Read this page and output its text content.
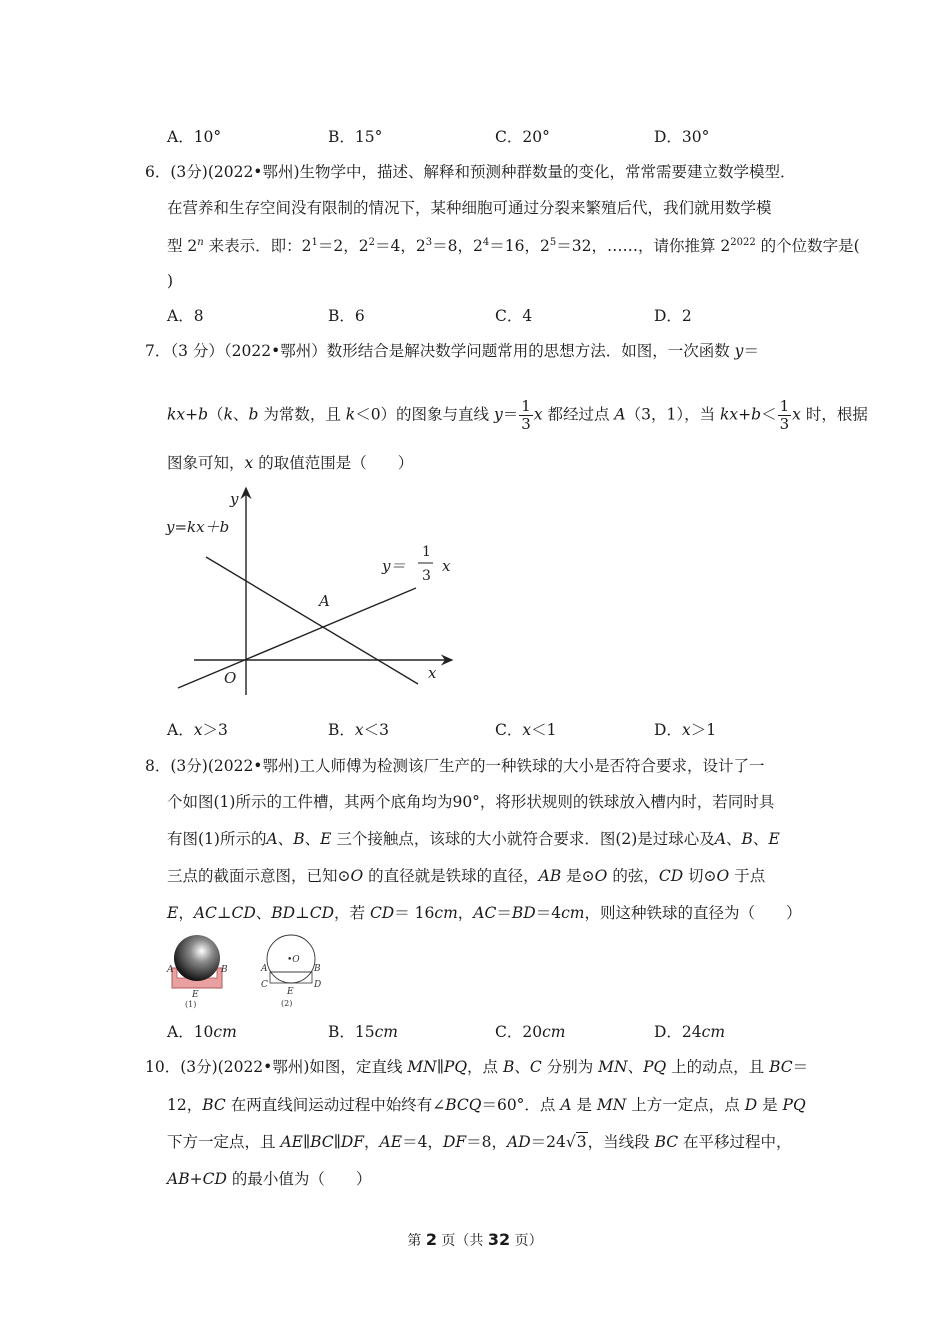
A．10°	B．15°	C．20°	D．30°
6．(3分)(2022•鄂州)生物学中，描述、解释和预测种群数量的变化，常常需要建立数学模型．
在营养和生存空间没有限制的情况下，某种细胞可通过分裂来繁殖后代，我们就用数学模
型 2$^n$ 来表示．即：$2^1=2$，$2^2=4$，$2^3=8$，$2^4=16$，$2^5=32$，……，请你推算 $2^{2022}$ 的个位数字是(
)
A．8	B．6	C．4	D．2
7．（3 分）（2022•鄂州）数形结合是解决数学问题常用的思想方法．如图，一次函数 y＝
kx+b（k、b 为常数，且 k＜0）的图象与直线 $y= \frac{1}{3}$ x 都经过点 A（3，1），当 $kx+b< \frac{1}{3}$ x 时，根据
图象可知，x 的取值范围是（　　）
y
x
O
A
y=kx＋b
y＝
1
3
x
A．x＞3	B．x＜3	C．x＜1	D．x＞1
8．(3分)(2022•鄂州)工人师傅为检测该厂生产的一种铁球的大小是否符合要求，设计了一
个如图(1)所示的工件槽，其两个底角均为90°，将形状规则的铁球放入槽内时，若同时具
有图(1)所示的A、B、E 三个接触点，该球的大小就符合要求．图(2)是过球心及A、B、E
三点的截面示意图，已知⊙O 的直径就是铁球的直径，AB 是⊙O 的弦，CD 切⊙O 于点
E，AC⊥CD、BD⊥CD，若 CD＝ 16cm，AC＝BD＝4cm，则这种铁球的直径为（　　）
A	B
E
(1)
•O
A	B
C	D
E
(2)
A．10cm	B．15cm	C．20cm	D．24cm
10．(3分)(2022•鄂州)如图，定直线 MN∥PQ，点 B、C 分别为 MN、PQ 上的动点，且 BC＝
12，BC 在两直线间运动过程中始终有∠BCQ＝60°．点 A 是 MN 上方一定点，点 D 是 PQ
下方一定点，且 AE∥BC∥DF，AE＝4，DF＝8，AD＝24√3，当线段 BC 在平移过程中，
AB+CD 的最小值为（　　）
第 2 页（共 32 页）
